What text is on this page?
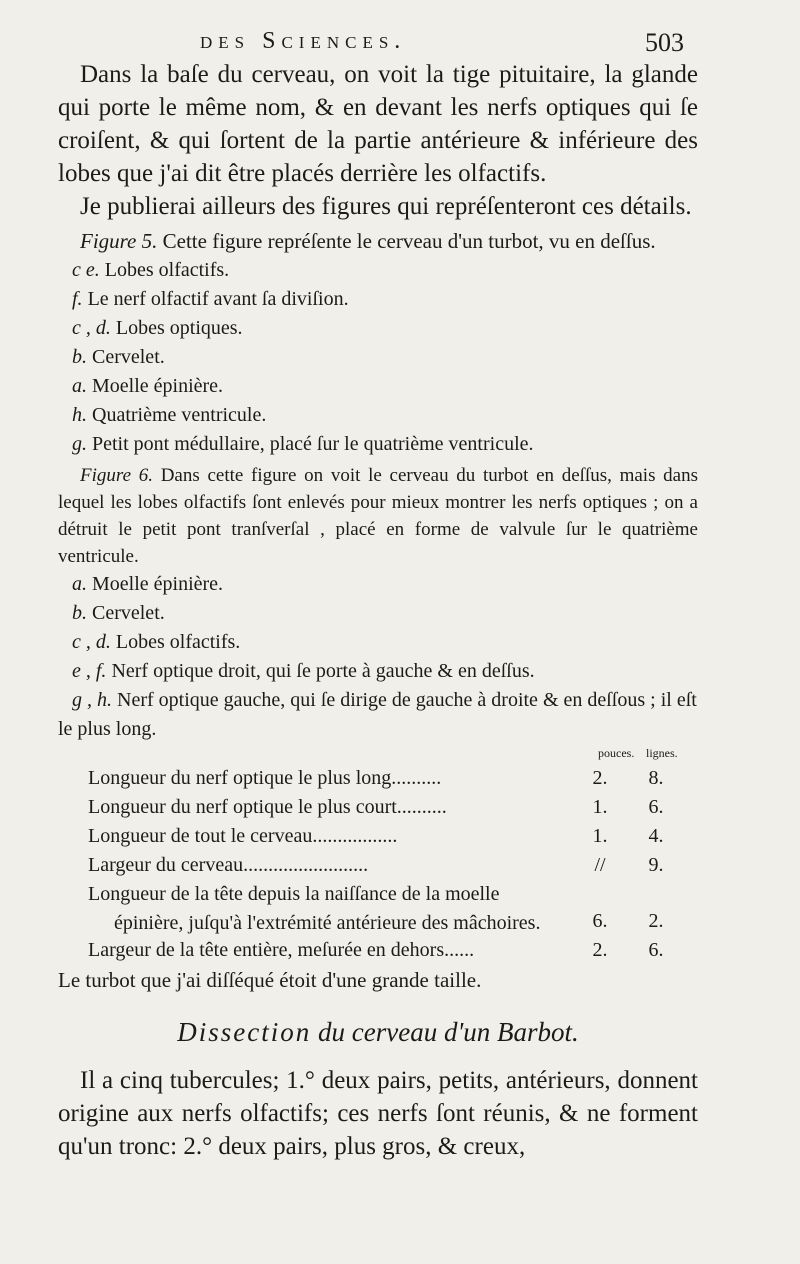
des Sciences.	503

Dans la baſe du cerveau, on voit la tige pituitaire, la glande qui porte le même nom, & en devant les nerfs optiques qui ſe croiſent, & qui ſortent de la partie antérieure & inférieure des lobes que j'ai dit être placés derrière les olfactifs.

Je publierai ailleurs des figures qui repréſenteront ces détails.

Figure 5. Cette figure repréſente le cerveau d'un turbot, vu en deſſus.

c e. Lobes olfactifs.
f. Le nerf olfactif avant ſa diviſion.
c , d. Lobes optiques.
b. Cervelet.
a. Moelle épinière.
h. Quatrième ventricule.
g. Petit pont médullaire, placé ſur le quatrième ventricule.

Figure 6. Dans cette figure on voit le cerveau du turbot en deſſus, mais dans lequel les lobes olfactifs ſont enlevés pour mieux montrer les nerfs optiques ; on a détruit le petit pont tranſverſal , placé en forme de valvule ſur le quatrième ventricule.

a. Moelle épinière.
b. Cervelet.
c , d. Lobes olfactifs.
e , f. Nerf optique droit, qui ſe porte à gauche & en deſſus.
g , h. Nerf optique gauche, qui ſe dirige de gauche à droite & en deſſous ; il eſt le plus long.
pouces. lignes.
Longueur du nerf optique le plus long..........	2.	8.
Longueur du nerf optique le plus court..........	1.	6.
Longueur de tout le cerveau.................	1.	4.
Largeur du cerveau.........................	//	9.
Longueur de la tête depuis la naiſſance de la moelle
épinière, juſqu'à l'extrémité antérieure des mâchoires.	6.	2.
Largeur de la tête entière, meſurée en dehors......	2.	6.

Le turbot que j'ai diſſéqué étoit d'une grande taille.

Dissection du cerveau d'un Barbot.

Il a cinq tubercules; 1.° deux pairs, petits, antérieurs, donnent origine aux nerfs olfactifs; ces nerfs ſont réunis, & ne forment qu'un tronc: 2.° deux pairs, plus gros, & creux,
